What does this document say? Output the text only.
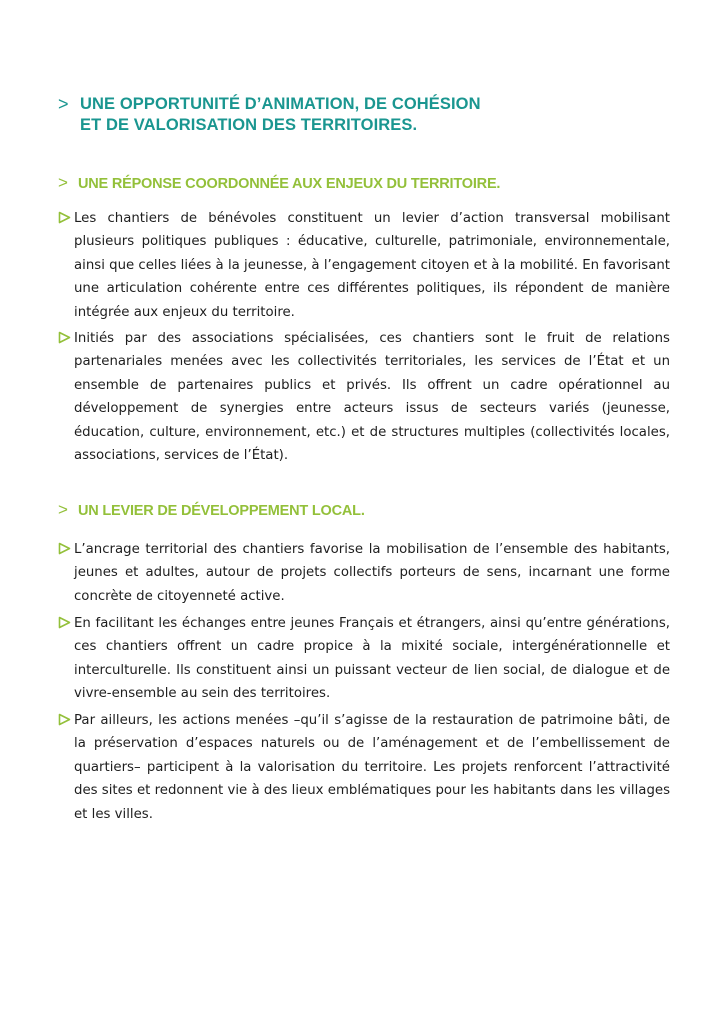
> UNE OPPORTUNITÉ D’ANIMATION, DE COHÉSION
ET DE VALORISATION DES TERRITOIRES.
> UNE RÉPONSE COORDONNÉE AUX ENJEUX DU TERRITOIRE.
Les chantiers de bénévoles constituent un levier d’action transversal mobilisant plusieurs politiques publiques : éducative, culturelle, patrimoniale, environnementale, ainsi que celles liées à la jeunesse, à l’engagement citoyen et à la mobilité. En favorisant une articulation cohérente entre ces différentes politiques, ils répondent de manière intégrée aux enjeux du territoire.
Initiés par des associations spécialisées, ces chantiers sont le fruit de relations partenariales menées avec les collectivités territoriales, les services de l’État et un ensemble de partenaires publics et privés. Ils offrent un cadre opérationnel au développement de synergies entre acteurs issus de secteurs variés (jeunesse, éducation, culture, environnement, etc.) et de structures multiples (collectivités locales, associations, services de l’État).
> UN LEVIER DE DÉVELOPPEMENT LOCAL.
L’ancrage territorial des chantiers favorise la mobilisation de l’ensemble des habitants, jeunes et adultes, autour de projets collectifs porteurs de sens, incarnant une forme concrète de citoyenneté active.
En facilitant les échanges entre jeunes Français et étrangers, ainsi qu’entre générations, ces chantiers offrent un cadre propice à la mixité sociale, intergénérationnelle et interculturelle. Ils constituent ainsi un puissant vecteur de lien social, de dialogue et de vivre-ensemble au sein des territoires.
Par ailleurs, les actions menées –qu’il s’agisse de la restauration de patrimoine bâti, de la préservation d’espaces naturels ou de l’aménagement et de l’embellissement de quartiers– participent à la valorisation du territoire. Les projets renforcent l’attractivité des sites et redonnent vie à des lieux emblématiques pour les habitants dans les villages et les villes.
